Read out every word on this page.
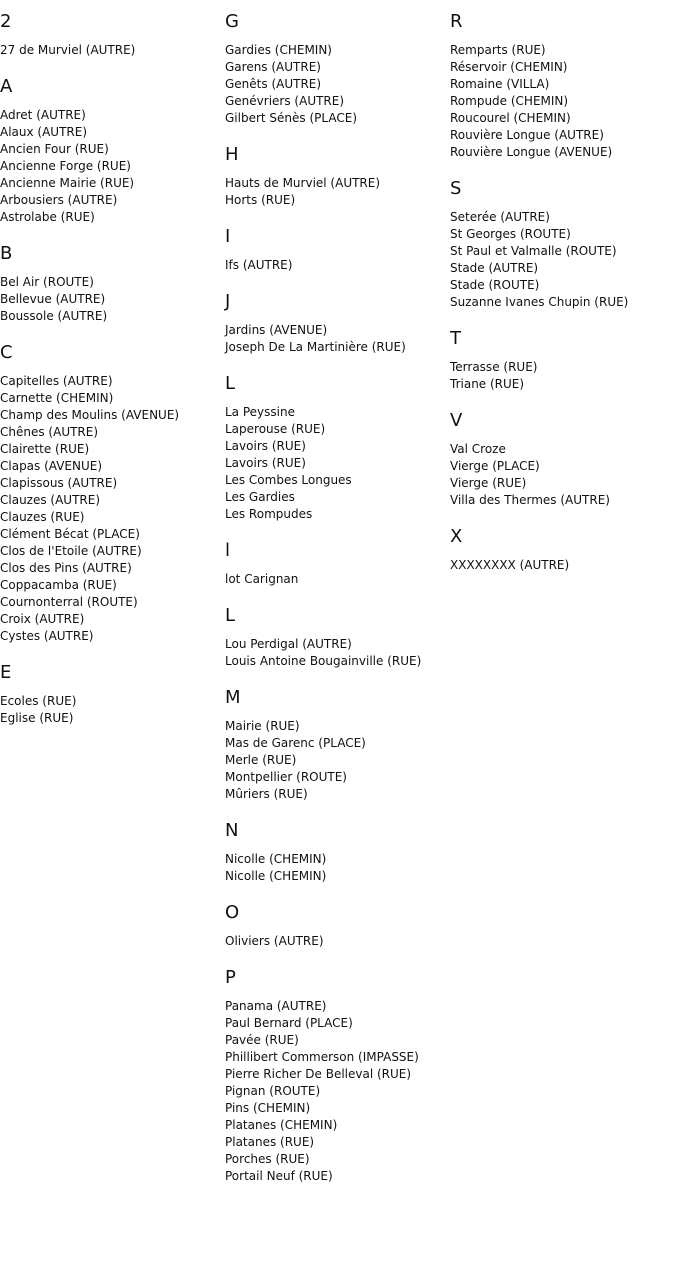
2
27 de Murviel (AUTRE)
A
Adret (AUTRE)
Alaux (AUTRE)
Ancien Four (RUE)
Ancienne Forge (RUE)
Ancienne Mairie (RUE)
Arbousiers (AUTRE)
Astrolabe (RUE)
B
Bel Air (ROUTE)
Bellevue (AUTRE)
Boussole (AUTRE)
C
Capitelles (AUTRE)
Carnette (CHEMIN)
Champ des Moulins (AVENUE)
Chênes (AUTRE)
Clairette (RUE)
Clapas (AVENUE)
Clapissous (AUTRE)
Clauzes (AUTRE)
Clauzes (RUE)
Clément Bécat (PLACE)
Clos de l'Etoile (AUTRE)
Clos des Pins (AUTRE)
Coppacamba (RUE)
Cournonterral (ROUTE)
Croix (AUTRE)
Cystes (AUTRE)
E
Ecoles (RUE)
Eglise (RUE)
G
Gardies (CHEMIN)
Garens (AUTRE)
Genêts (AUTRE)
Genévriers (AUTRE)
Gilbert Sénès (PLACE)
H
Hauts de Murviel (AUTRE)
Horts (RUE)
I
Ifs (AUTRE)
J
Jardins (AVENUE)
Joseph De La Martinière (RUE)
L
La Peyssine
Laperouse (RUE)
Lavoirs (RUE)
Lavoirs (RUE)
Les Combes Longues
Les Gardies
Les Rompudes
l
lot Carignan
L
Lou Perdigal (AUTRE)
Louis Antoine Bougainville (RUE)
M
Mairie (RUE)
Mas de Garenc (PLACE)
Merle (RUE)
Montpellier (ROUTE)
Mûriers (RUE)
N
Nicolle (CHEMIN)
Nicolle (CHEMIN)
O
Oliviers (AUTRE)
P
Panama (AUTRE)
Paul Bernard (PLACE)
Pavée (RUE)
Phillibert Commerson (IMPASSE)
Pierre Richer De Belleval (RUE)
Pignan (ROUTE)
Pins (CHEMIN)
Platanes (CHEMIN)
Platanes (RUE)
Porches (RUE)
Portail Neuf (RUE)
R
Remparts (RUE)
Réservoir (CHEMIN)
Romaine (VILLA)
Rompude (CHEMIN)
Roucourel (CHEMIN)
Rouvière Longue (AUTRE)
Rouvière Longue (AVENUE)
S
Seterée (AUTRE)
St Georges (ROUTE)
St Paul et Valmalle (ROUTE)
Stade (AUTRE)
Stade (ROUTE)
Suzanne Ivanes Chupin (RUE)
T
Terrasse (RUE)
Triane (RUE)
V
Val Croze
Vierge (PLACE)
Vierge (RUE)
Villa des Thermes (AUTRE)
X
XXXXXXXX (AUTRE)
